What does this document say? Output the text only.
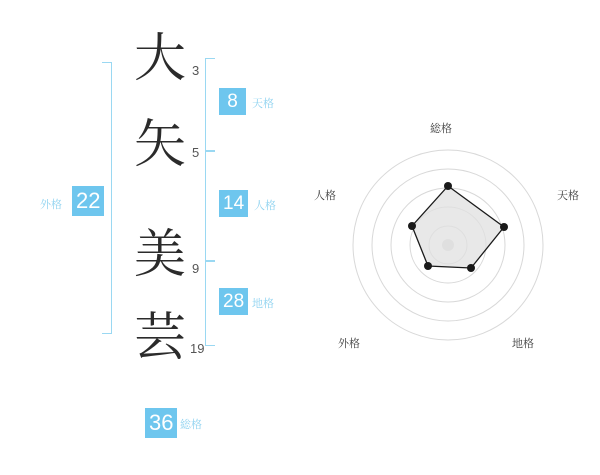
外格 22
大 3
矢 5
美 9
芸 19
8	天格
14 人格
28 地格
36 総格
総格
天格
地格
外格
人格
